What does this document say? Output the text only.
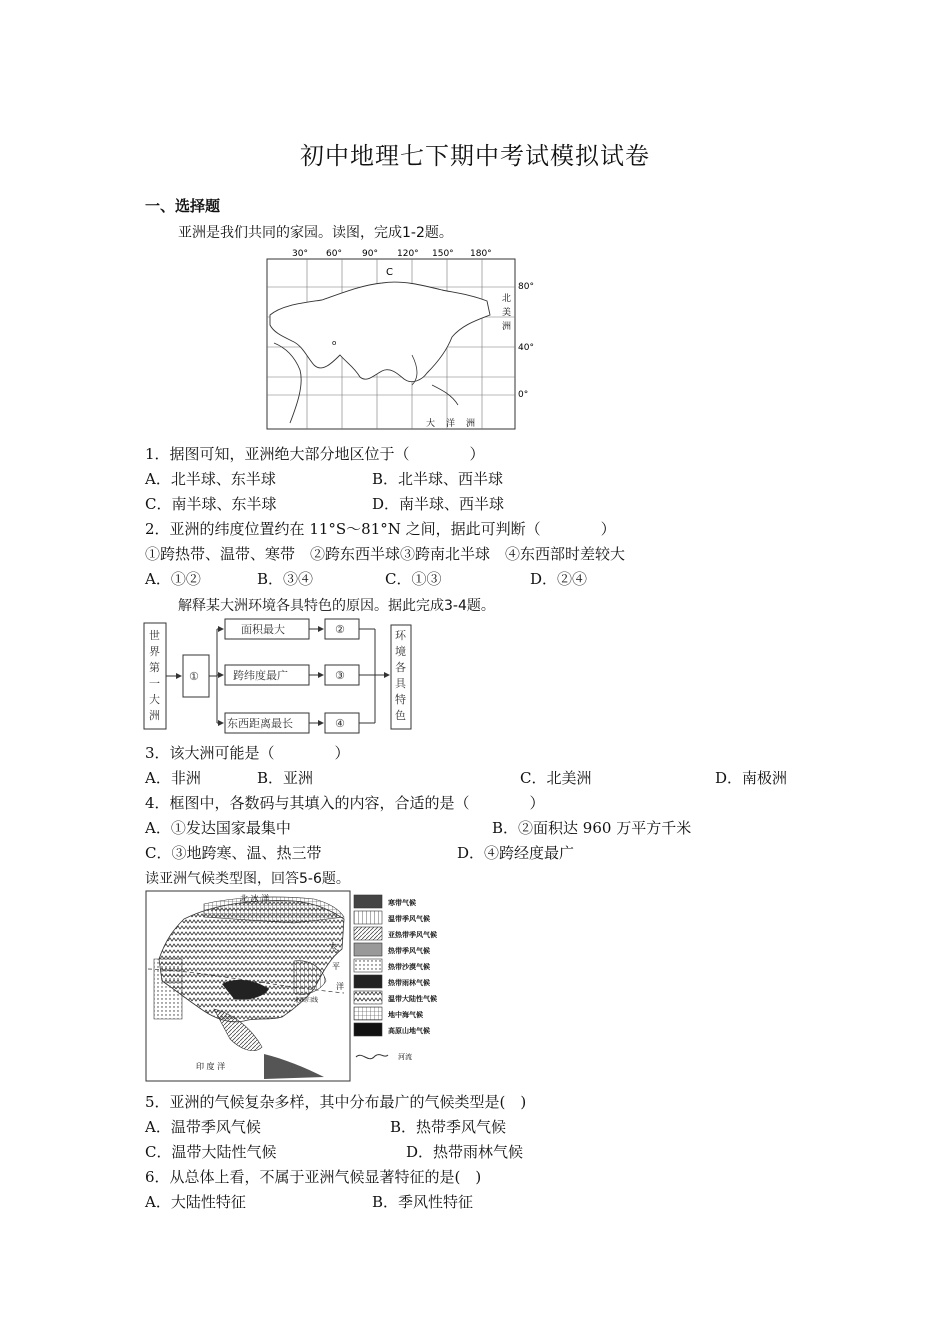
初中地理七下期中考试模拟试卷
一、选择题
亚洲是我们共同的家园。读图，完成1-2题。
30° 60° 90° 120° 150° 180°
80°
40°
0°
C
o
北
美
洲
大 洋 洲
1．据图可知，亚洲绝大部分地区位于（　　　　）
A．北半球、东半球	B．北半球、西半球
C．南半球、东半球	D．南半球、西半球
2．亚洲的纬度位置约在 11°S～81°N 之间，据此可判断（　　　　）
①跨热带、温带、寒带　②跨东西半球③跨南北半球　④东西部时差较大
A．①②	B．③④	C．①③	D．②④
解释某大洲环境各具特色的原因。据此完成3-4题。
世
界
第
一
大
洲
①
面积最大
跨纬度最广
东西距离最长
②
③
④
环
境
各
具
特
色
3．该大洲可能是（　　　　）
A．非洲	B．亚洲	C．北美洲	D．南极洲
4．框图中，各数码与其填入的内容，合适的是（　　　　）
A．①发达国家最集中	B．②面积达 960 万平方千米
C．③地跨寒、温、热三带	D．④跨经度最广
读亚洲气候类型图，回答5-6题。
北 冰 洋
太
平
洋
北回归线
印 度 洋
寒带气候
温带季风气候
亚热带季风气候
热带季风气候
热带沙漠气候
热带雨林气候
温带大陆性气候
地中海气候
高原山地气候
河流
5．亚洲的气候复杂多样，其中分布最广的气候类型是(　)
A．温带季风气候	B．热带季风气候
C．温带大陆性气候	D．热带雨林气候
6．从总体上看，不属于亚洲气候显著特征的是(　)
A．大陆性特征	B．季风性特征
